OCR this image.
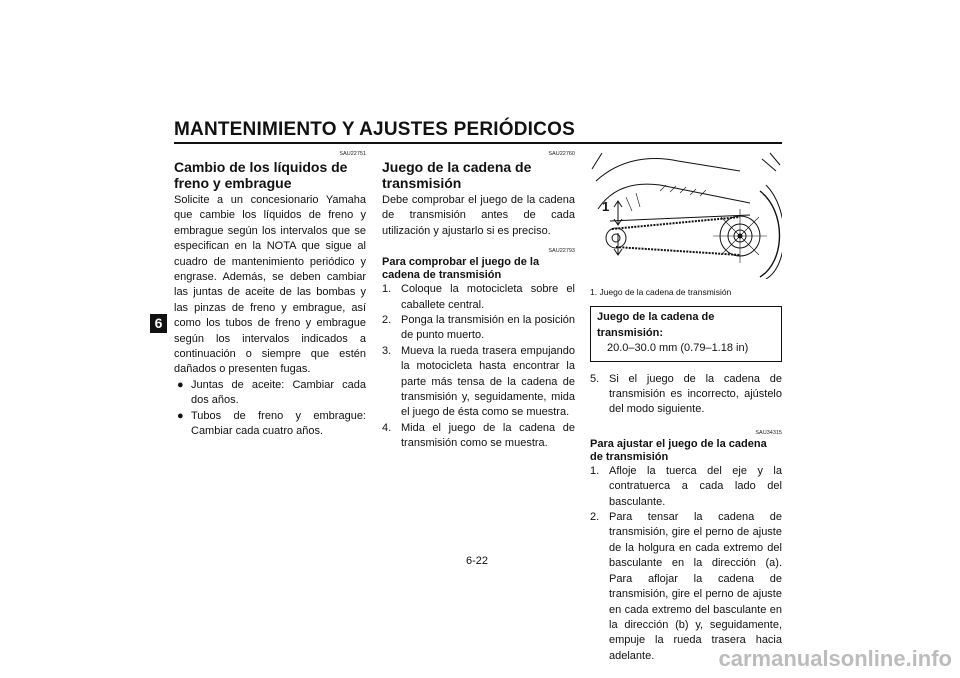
MANTENIMIENTO Y AJUSTES PERIÓDICOS
6
SAU22751
Cambio de los líquidos de freno y embrague

Solicite a un concesionario Yamaha que cambie los líquidos de freno y embrague según los intervalos que se especifican en la NOTA que sigue al cuadro de mantenimiento periódico y engrase. Además, se deben cambiar las juntas de aceite de las bombas y las pinzas de freno y embrague, así como los tubos de freno y embrague según los intervalos indicados a continuación o siempre que estén dañados o presenten fugas.

● Juntas de aceite: Cambiar cada dos años.
● Tubos de freno y embrague: Cambiar cada cuatro años.
SAU22760
Juego de la cadena de transmisión

Debe comprobar el juego de la cadena de transmisión antes de cada utilización y ajustarlo si es preciso.

SAU22793
Para comprobar el juego de la cadena de transmisión
1. Coloque la motocicleta sobre el caballete central.
2. Ponga la transmisión en la posición de punto muerto.
3. Mueva la rueda trasera empujando la motocicleta hasta encontrar la parte más tensa de la cadena de transmisión y, seguidamente, mida el juego de ésta como se muestra.
4. Mida el juego de la cadena de transmisión como se muestra.
1
1. Juego de la cadena de transmisión
Juego de la cadena de transmisión:
20.0–30.0 mm (0.79–1.18 in)
5. Si el juego de la cadena de transmisión es incorrecto, ajústelo del modo siguiente.
SAU34315
Para ajustar el juego de la cadena de transmisión
1. Afloje la tuerca del eje y la contratuerca a cada lado del basculante.
2. Para tensar la cadena de transmisión, gire el perno de ajuste de la holgura en cada extremo del basculante en la dirección (a). Para aflojar la cadena de transmisión, gire el perno de ajuste en cada extremo del basculante en la dirección (b) y, seguidamente, empuje la rueda trasera hacia adelante.
6-22
carmanualsonline.info
